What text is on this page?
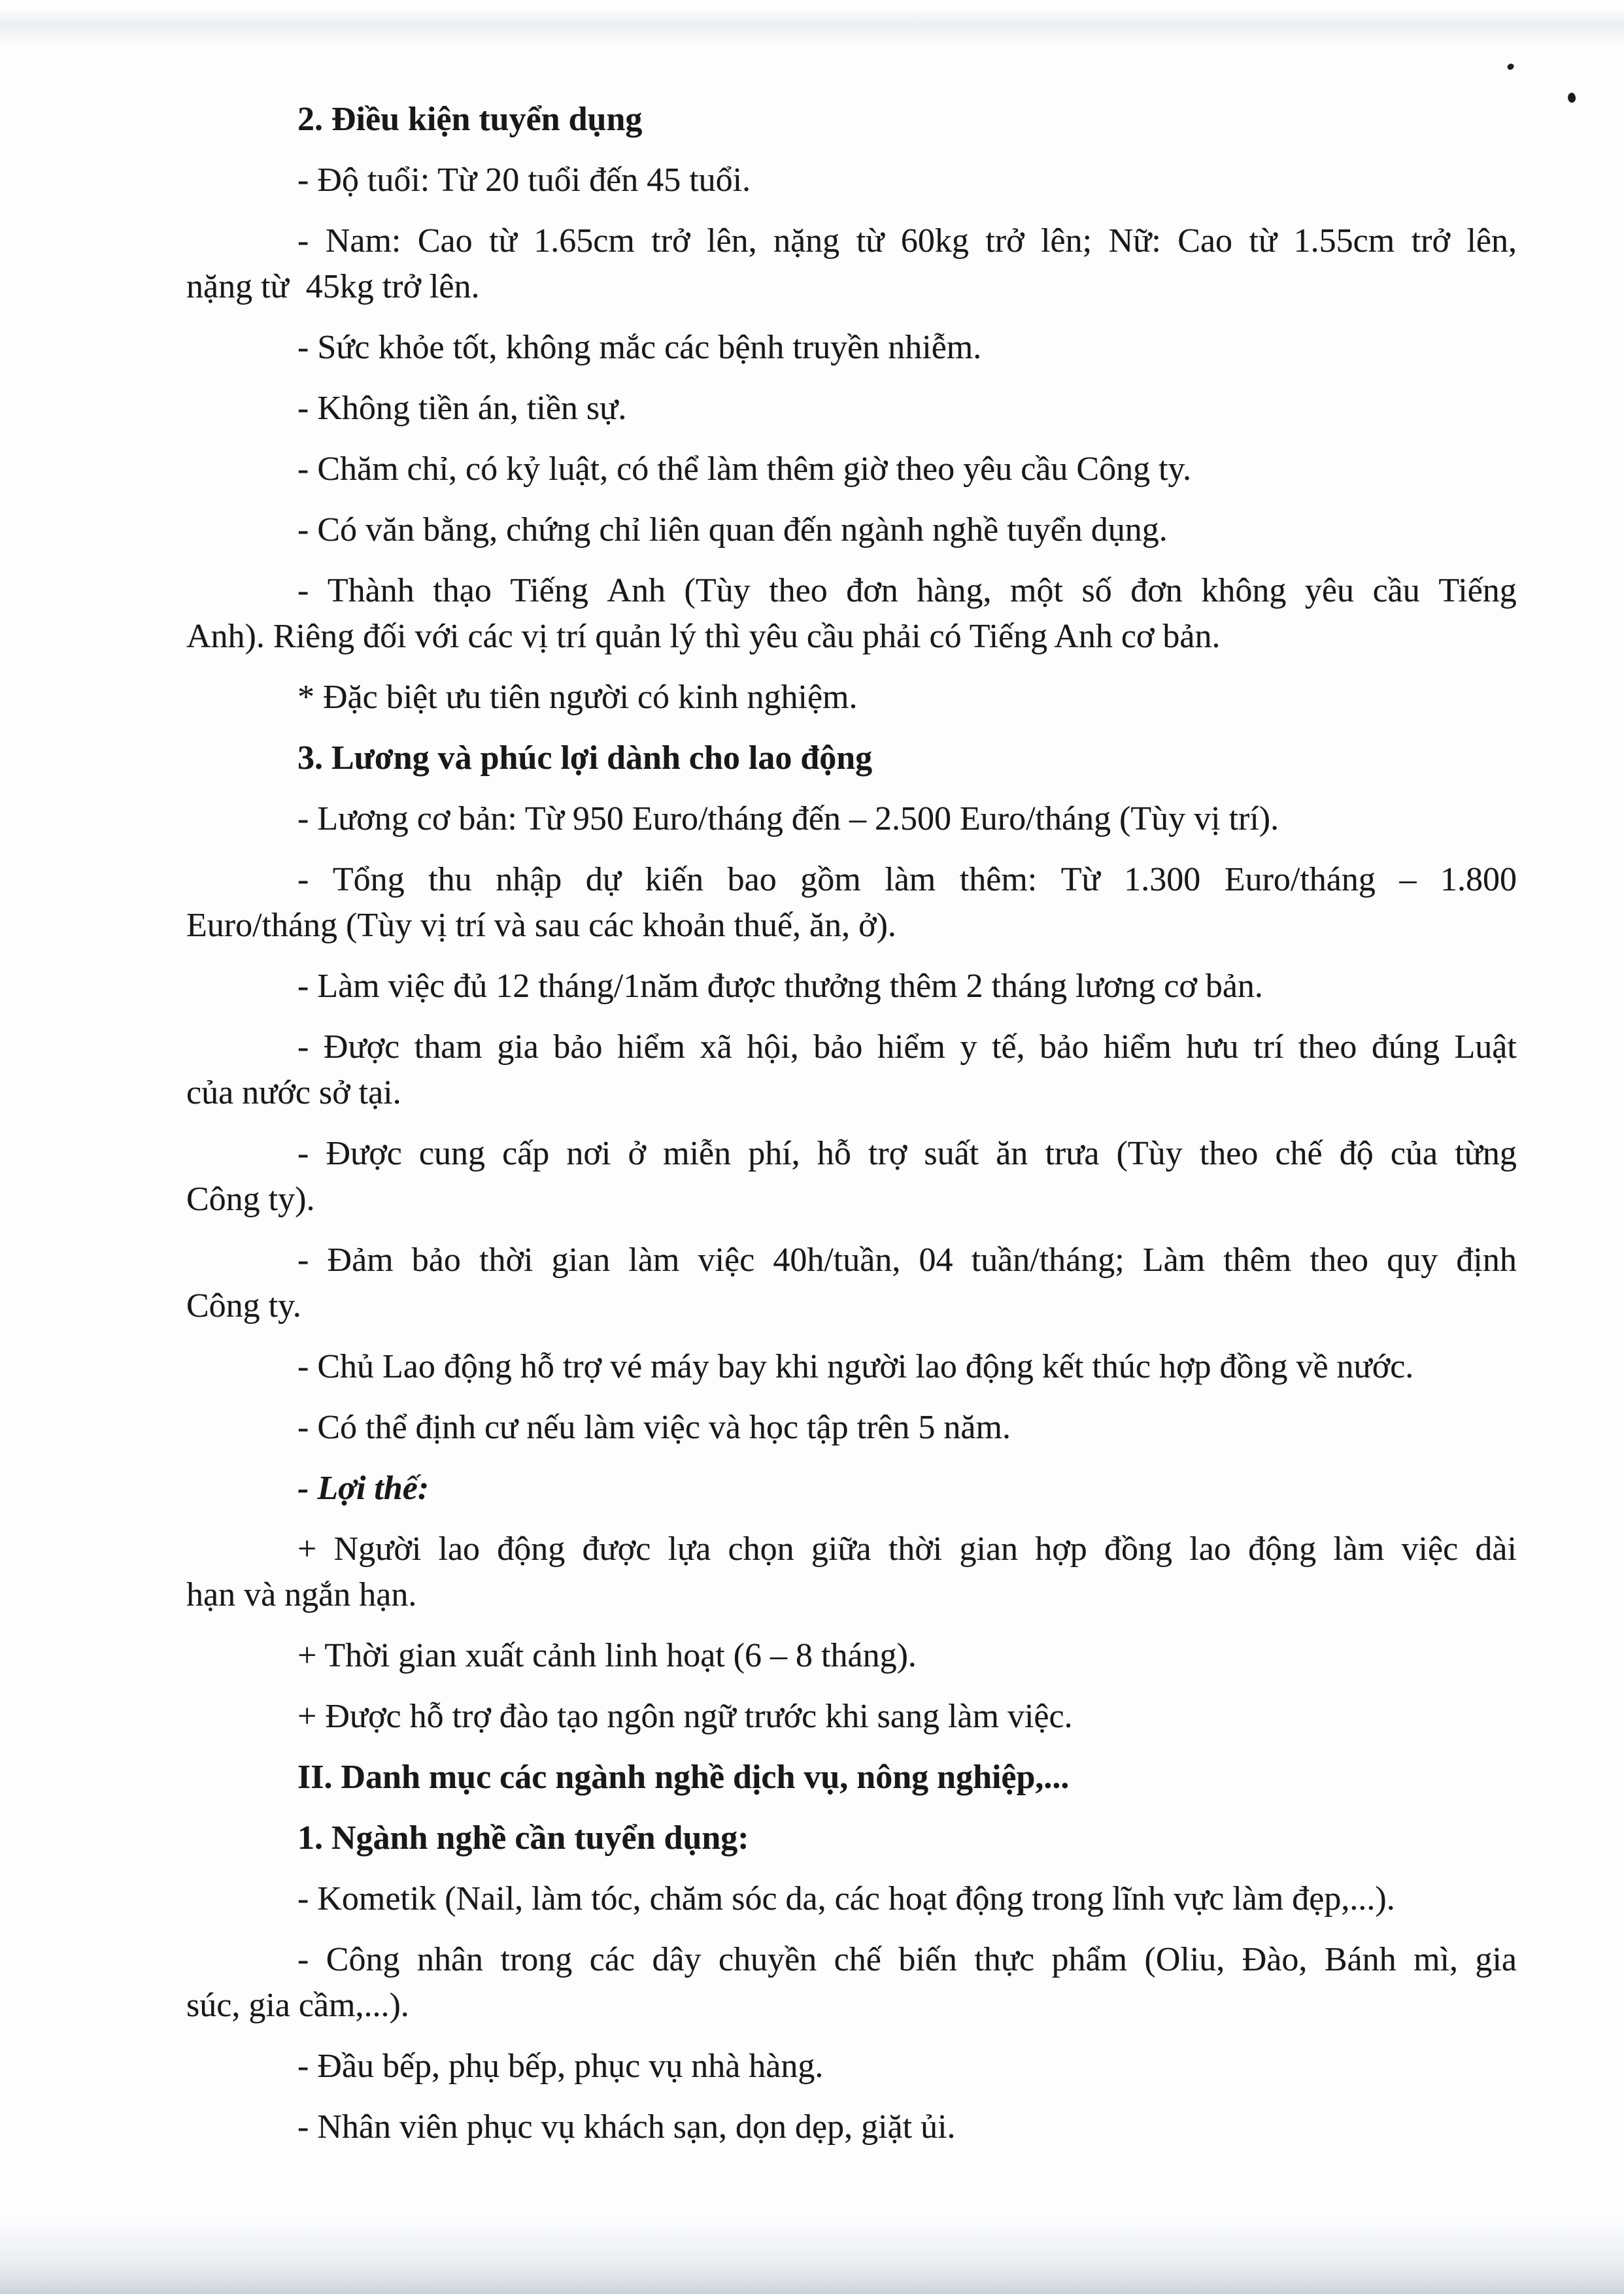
2. Điều kiện tuyển dụng
- Độ tuổi: Từ 20 tuổi đến 45 tuổi.
- Nam: Cao từ 1.65cm trở lên, nặng từ 60kg trở lên; Nữ: Cao từ 1.55cm trở lên,
nặng từ  45kg trở lên.
- Sức khỏe tốt, không mắc các bệnh truyền nhiễm.
- Không tiền án, tiền sự.
- Chăm chỉ, có kỷ luật, có thể làm thêm giờ theo yêu cầu Công ty.
- Có văn bằng, chứng chỉ liên quan đến ngành nghề tuyển dụng.
- Thành thạo Tiếng Anh (Tùy theo đơn hàng, một số đơn không yêu cầu Tiếng
Anh). Riêng đối với các vị trí quản lý thì yêu cầu phải có Tiếng Anh cơ bản.
* Đặc biệt ưu tiên người có kinh nghiệm.
3. Lương và phúc lợi dành cho lao động
- Lương cơ bản: Từ 950 Euro/tháng đến – 2.500 Euro/tháng (Tùy vị trí).
- Tổng thu nhập dự kiến bao gồm làm thêm: Từ 1.300 Euro/tháng – 1.800
Euro/tháng (Tùy vị trí và sau các khoản thuế, ăn, ở).
- Làm việc đủ 12 tháng/1năm được thưởng thêm 2 tháng lương cơ bản.
- Được tham gia bảo hiểm xã hội, bảo hiểm y tế, bảo hiểm hưu trí theo đúng Luật
của nước sở tại.
- Được cung cấp nơi ở miễn phí, hỗ trợ suất ăn trưa (Tùy theo chế độ của từng
Công ty).
- Đảm bảo thời gian làm việc 40h/tuần, 04 tuần/tháng; Làm thêm theo quy định
Công ty.
- Chủ Lao động hỗ trợ vé máy bay khi người lao động kết thúc hợp đồng về nước.
- Có thể định cư nếu làm việc và học tập trên 5 năm.
- Lợi thế:
+ Người lao động được lựa chọn giữa thời gian hợp đồng lao động làm việc dài
hạn và ngắn hạn.
+ Thời gian xuất cảnh linh hoạt (6 – 8 tháng).
+ Được hỗ trợ đào tạo ngôn ngữ trước khi sang làm việc.
II. Danh mục các ngành nghề dịch vụ, nông nghiệp,...
1. Ngành nghề cần tuyển dụng:
- Kometik (Nail, làm tóc, chăm sóc da, các hoạt động trong lĩnh vực làm đẹp,...).
- Công nhân trong các dây chuyền chế biến thực phẩm (Oliu, Đào, Bánh mì, gia
súc, gia cầm,...).
- Đầu bếp, phụ bếp, phục vụ nhà hàng.
- Nhân viên phục vụ khách sạn, dọn dẹp, giặt ủi.
